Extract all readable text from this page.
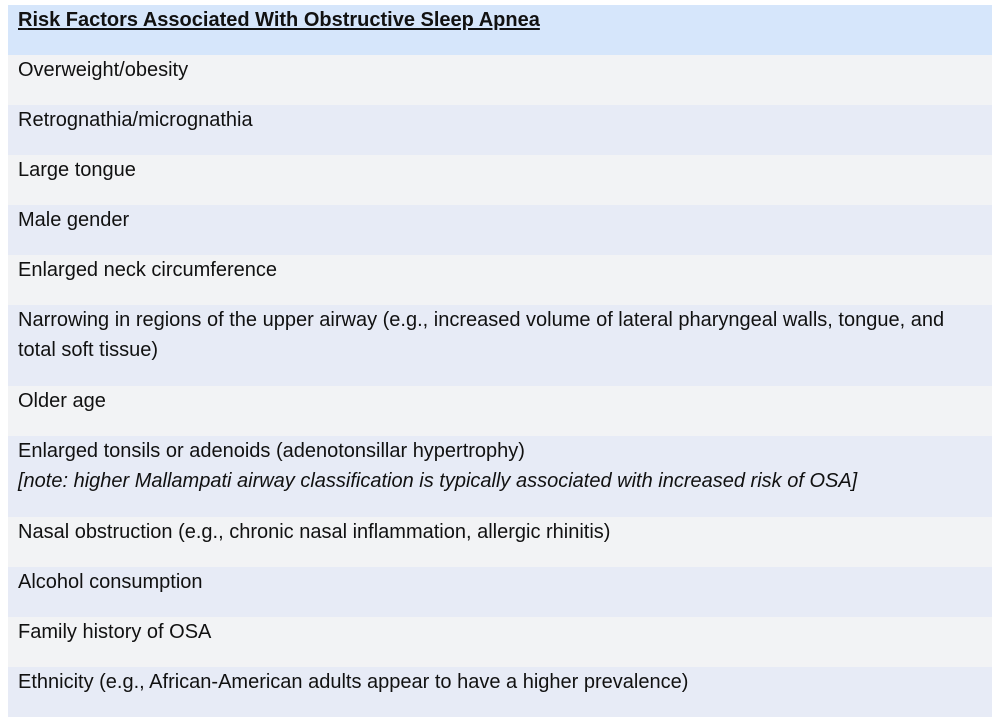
Risk Factors Associated With Obstructive Sleep Apnea
Overweight/obesity
Retrognathia/micrognathia
Large tongue
Male gender
Enlarged neck circumference
Narrowing in regions of the upper airway (e.g., increased volume of lateral pharyngeal walls, tongue, and total soft tissue)
Older age
Enlarged tonsils or adenoids (adenotonsillar hypertrophy)
[note: higher Mallampati airway classification is typically associated with increased risk of OSA]
Nasal obstruction (e.g., chronic nasal inflammation, allergic rhinitis)
Alcohol consumption
Family history of OSA
Ethnicity (e.g., African-American adults appear to have a higher prevalence)
